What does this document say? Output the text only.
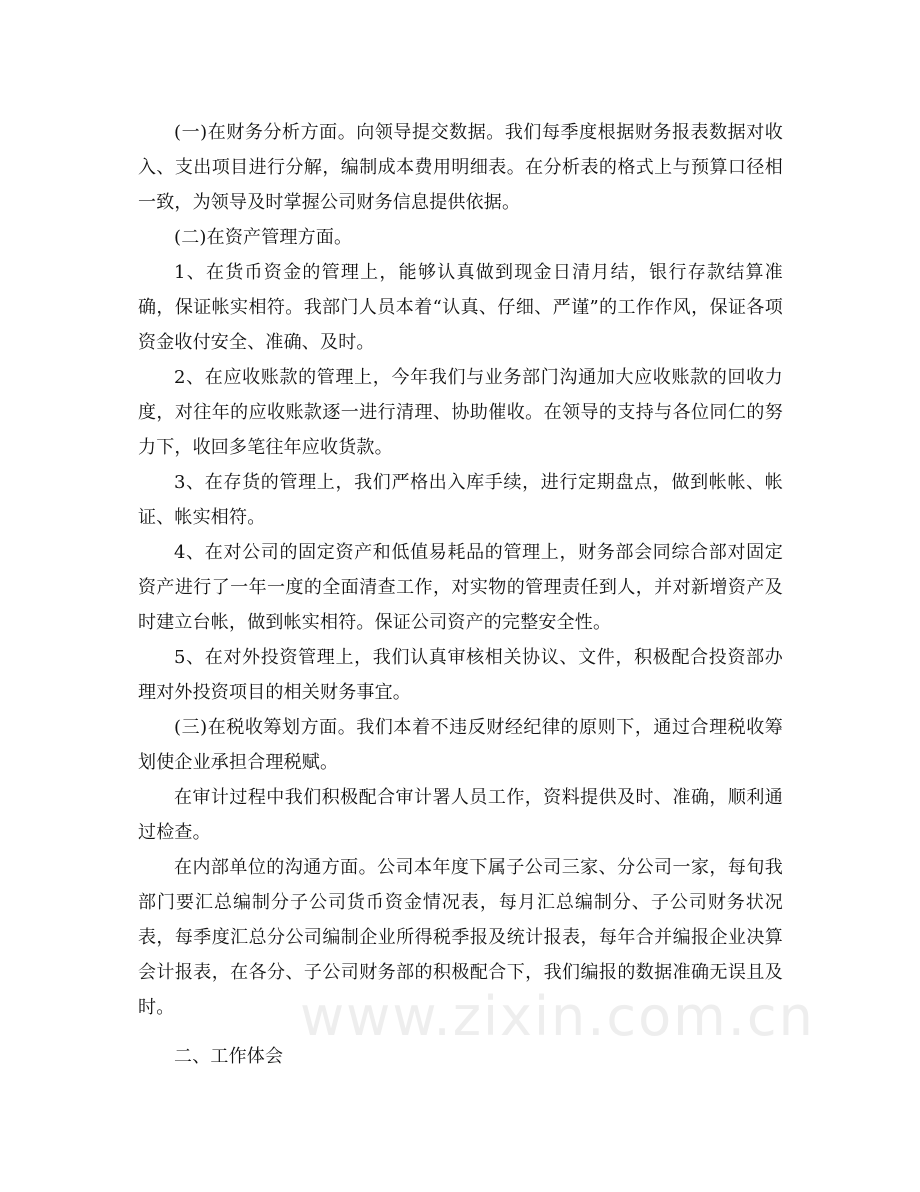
www.zixin.com.cn

(一)在财务分析方面。向领导提交数据。我们每季度根据财务报表数据对收入、支出项目进行分解，编制成本费用明细表。在分析表的格式上与预算口径相一致，为领导及时掌握公司财务信息提供依据。

(二)在资产管理方面。

1、在货币资金的管理上，能够认真做到现金日清月结，银行存款结算准确，保证帐实相符。我部门人员本着“认真、仔细、严谨”的工作作风，保证各项资金收付安全、准确、及时。

2、在应收账款的管理上，今年我们与业务部门沟通加大应收账款的回收力度，对往年的应收账款逐一进行清理、协助催收。在领导的支持与各位同仁的努力下，收回多笔往年应收货款。

3、在存货的管理上，我们严格出入库手续，进行定期盘点，做到帐帐、帐证、帐实相符。

4、在对公司的固定资产和低值易耗品的管理上，财务部会同综合部对固定资产进行了一年一度的全面清查工作，对实物的管理责任到人，并对新增资产及时建立台帐，做到帐实相符。保证公司资产的完整安全性。

5、在对外投资管理上，我们认真审核相关协议、文件，积极配合投资部办理对外投资项目的相关财务事宜。

(三)在税收筹划方面。我们本着不违反财经纪律的原则下，通过合理税收筹划使企业承担合理税赋。

在审计过程中我们积极配合审计署人员工作，资料提供及时、准确，顺利通过检查。

在内部单位的沟通方面。公司本年度下属子公司三家、分公司一家，每旬我部门要汇总编制分子公司货币资金情况表，每月汇总编制分、子公司财务状况表，每季度汇总分公司编制企业所得税季报及统计报表，每年合并编报企业决算会计报表，在各分、子公司财务部的积极配合下，我们编报的数据准确无误且及时。

二、工作体会
